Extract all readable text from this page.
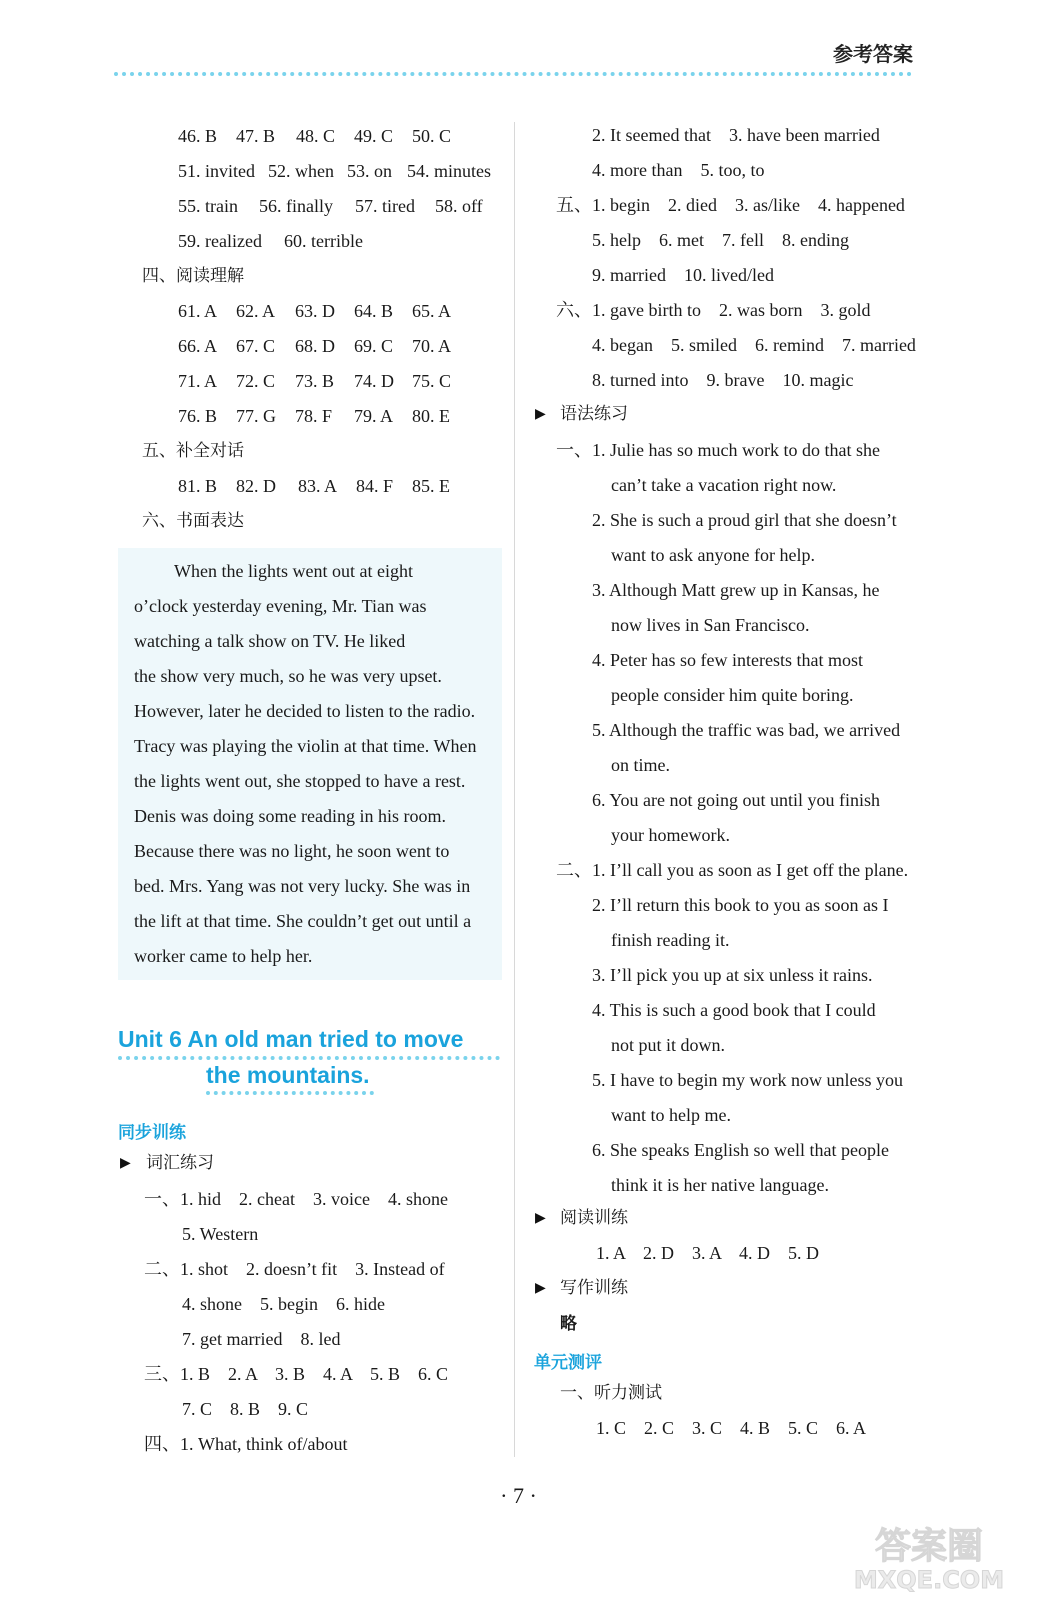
参考答案
46. B 47. B 48. C 49. C 50. C
51. invited 52. when 53. on 54. minutes
55. train 56. finally 57. tired 58. off
59. realized 60. terrible
61. A 62. A 63. D 64. B 65. A
66. A 67. C 68. D 69. C 70. A
71. A 72. C 73. B 74. D 75. C
76. B 77. G 78. F 79. A 80. E
81. B 82. D 83. A 84. F 85. E
四、阅读理解
五、补全对话
六、书面表达
When the lights went out at eight
o’clock yesterday evening, Mr. Tian was
watching a talk show on TV. He liked
the show very much, so he was very upset.
However, later he decided to listen to the radio.
Tracy was playing the violin at that time. When
the lights went out, she stopped to have a rest.
Denis was doing some reading in his room.
Because there was no light, he soon went to
bed. Mrs. Yang was not very lucky. She was in
the lift at that time. She couldn’t get out until a
worker came to help her.
Unit 6 An old man tried to move
the mountains.
同步训练
▶ 词汇练习
一、1. hid    2. cheat    3. voice    4. shone
5. Western
二、1. shot    2. doesn’t fit    3. Instead of
4. shone    5. begin    6. hide
7. get married    8. led
三、1. B    2. A    3. B    4. A    5. B    6. C
7. C    8. B    9. C
四、1. What, think of/about
2. It seemed that    3. have been married
4. more than    5. too, to
五、1. begin    2. died    3. as/like    4. happened
5. help    6. met    7. fell    8. ending
9. married    10. lived/led
六、1. gave birth to    2. was born    3. gold
4. began    5. smiled    6. remind    7. married
8. turned into    9. brave    10. magic
▶ 语法练习
一、1. Julie has so much work to do that she
can’t take a vacation right now.
2. She is such a proud girl that she doesn’t
want to ask anyone for help.
3. Although Matt grew up in Kansas, he
now lives in San Francisco.
4. Peter has so few interests that most
people consider him quite boring.
5. Although the traffic was bad, we arrived
on time.
6. You are not going out until you finish
your homework.
二、1. I’ll call you as soon as I get off the plane.
2. I’ll return this book to you as soon as I
finish reading it.
3. I’ll pick you up at six unless it rains.
4. This is such a good book that I could
not put it down.
5. I have to begin my work now unless you
want to help me.
6. She speaks English so well that people
think it is her native language.
▶ 阅读训练
1. A    2. D    3. A    4. D    5. D
▶ 写作训练
略
单元测评
一、听力测试
1. C    2. C    3. C    4. B    5. C    6. A
· 7 ·
答案圈
MXQE.COM
